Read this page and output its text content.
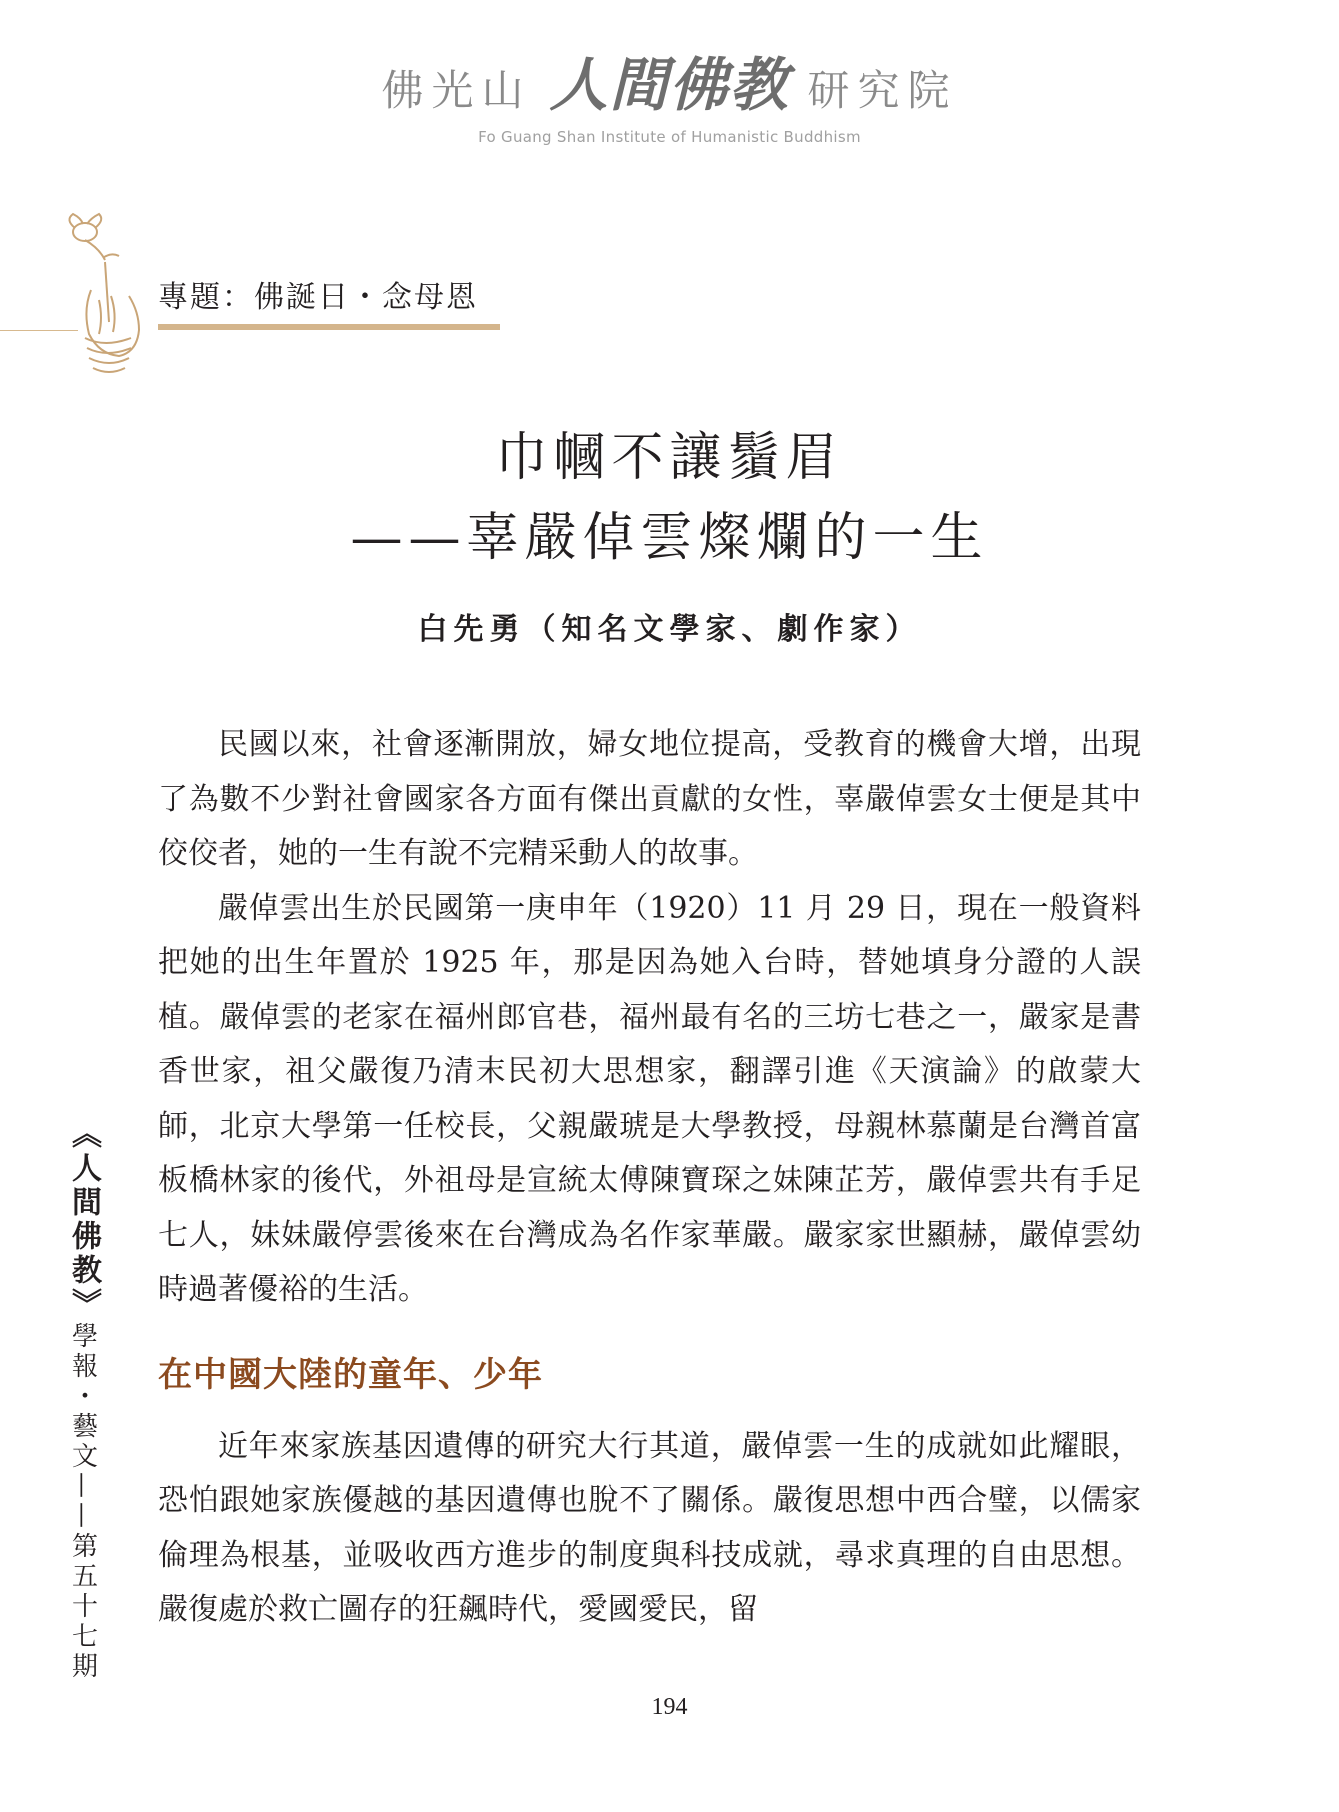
佛光山 人間佛教 研究院
Fo Guang Shan Institute of Humanistic Buddhism
專題：佛誕日・念母恩
巾幗不讓鬚眉
——辜嚴倬雲燦爛的一生
白先勇（知名文學家、劇作家）

民國以來，社會逐漸開放，婦女地位提高，受教育的機會大增，出現了為數不少對社會國家各方面有傑出貢獻的女性，辜嚴倬雲女士便是其中佼佼者，她的一生有說不完精采動人的故事。

嚴倬雲出生於民國第一庚申年（1920）11 月 29 日，現在一般資料把她的出生年置於 1925 年，那是因為她入台時，替她填身分證的人誤植。嚴倬雲的老家在福州郎官巷，福州最有名的三坊七巷之一，嚴家是書香世家，祖父嚴復乃清末民初大思想家，翻譯引進《天演論》的啟蒙大師，北京大學第一任校長，父親嚴琥是大學教授，母親林慕蘭是台灣首富板橋林家的後代，外祖母是宣統太傅陳寶琛之妹陳芷芳，嚴倬雲共有手足七人，妹妹嚴停雲後來在台灣成為名作家華嚴。嚴家家世顯赫，嚴倬雲幼時過著優裕的生活。

在中國大陸的童年、少年

近年來家族基因遺傳的研究大行其道，嚴倬雲一生的成就如此耀眼，恐怕跟她家族優越的基因遺傳也脫不了關係。嚴復思想中西合璧，以儒家倫理為根基，並吸收西方進步的制度與科技成就，尋求真理的自由思想。嚴復處於救亡圖存的狂飆時代，愛國愛民，留

《人間佛教》
學報・藝文——第五十七期
194
